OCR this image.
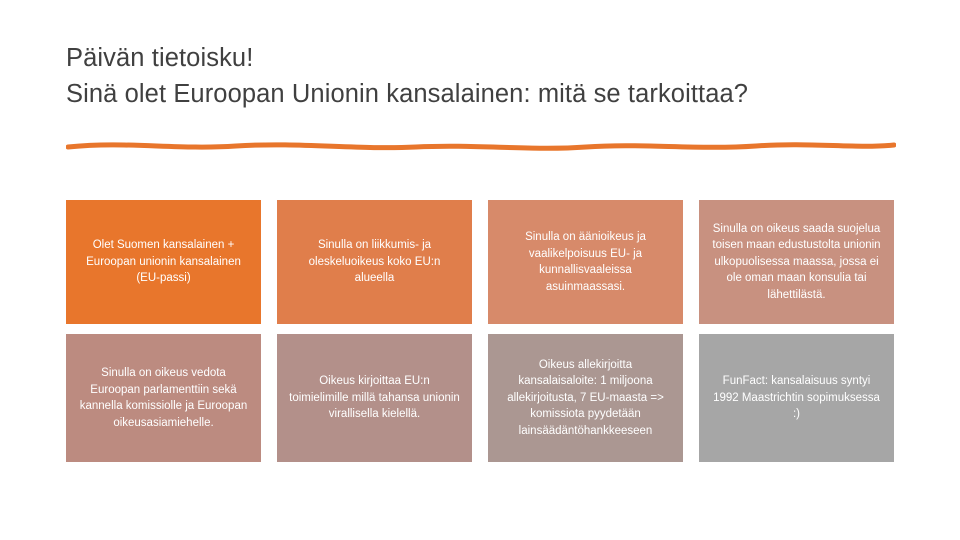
Päivän tietoisku!
Sinä olet Euroopan Unionin kansalainen: mitä se tarkoittaa?
Olet Suomen kansalainen + Euroopan unionin kansalainen (EU-passi)
Sinulla on liikkumis- ja oleskeluoikeus koko EU:n alueella
Sinulla on äänioikeus ja vaalikelpoisuus EU- ja kunnallisvaaleissa asuinmaassasi.
Sinulla on oikeus saada suojelua toisen maan edustustolta unionin ulkopuolisessa maassa, jossa ei ole oman maan konsulia tai lähettilästä.
Sinulla on oikeus vedota Euroopan parlamenttiin sekä kannella komissiolle ja Euroopan oikeusasiamiehelle.
Oikeus kirjoittaa EU:n toimielimille millä tahansa unionin virallisella kielellä.
Oikeus allekirjoitta kansalaisaloite: 1 miljoona allekirjoitusta, 7 EU-maasta => komissiota pyydetään lainsäädäntöhankkeeseen
FunFact: kansalaisuus syntyi 1992 Maastrichtin sopimuksessa :)
